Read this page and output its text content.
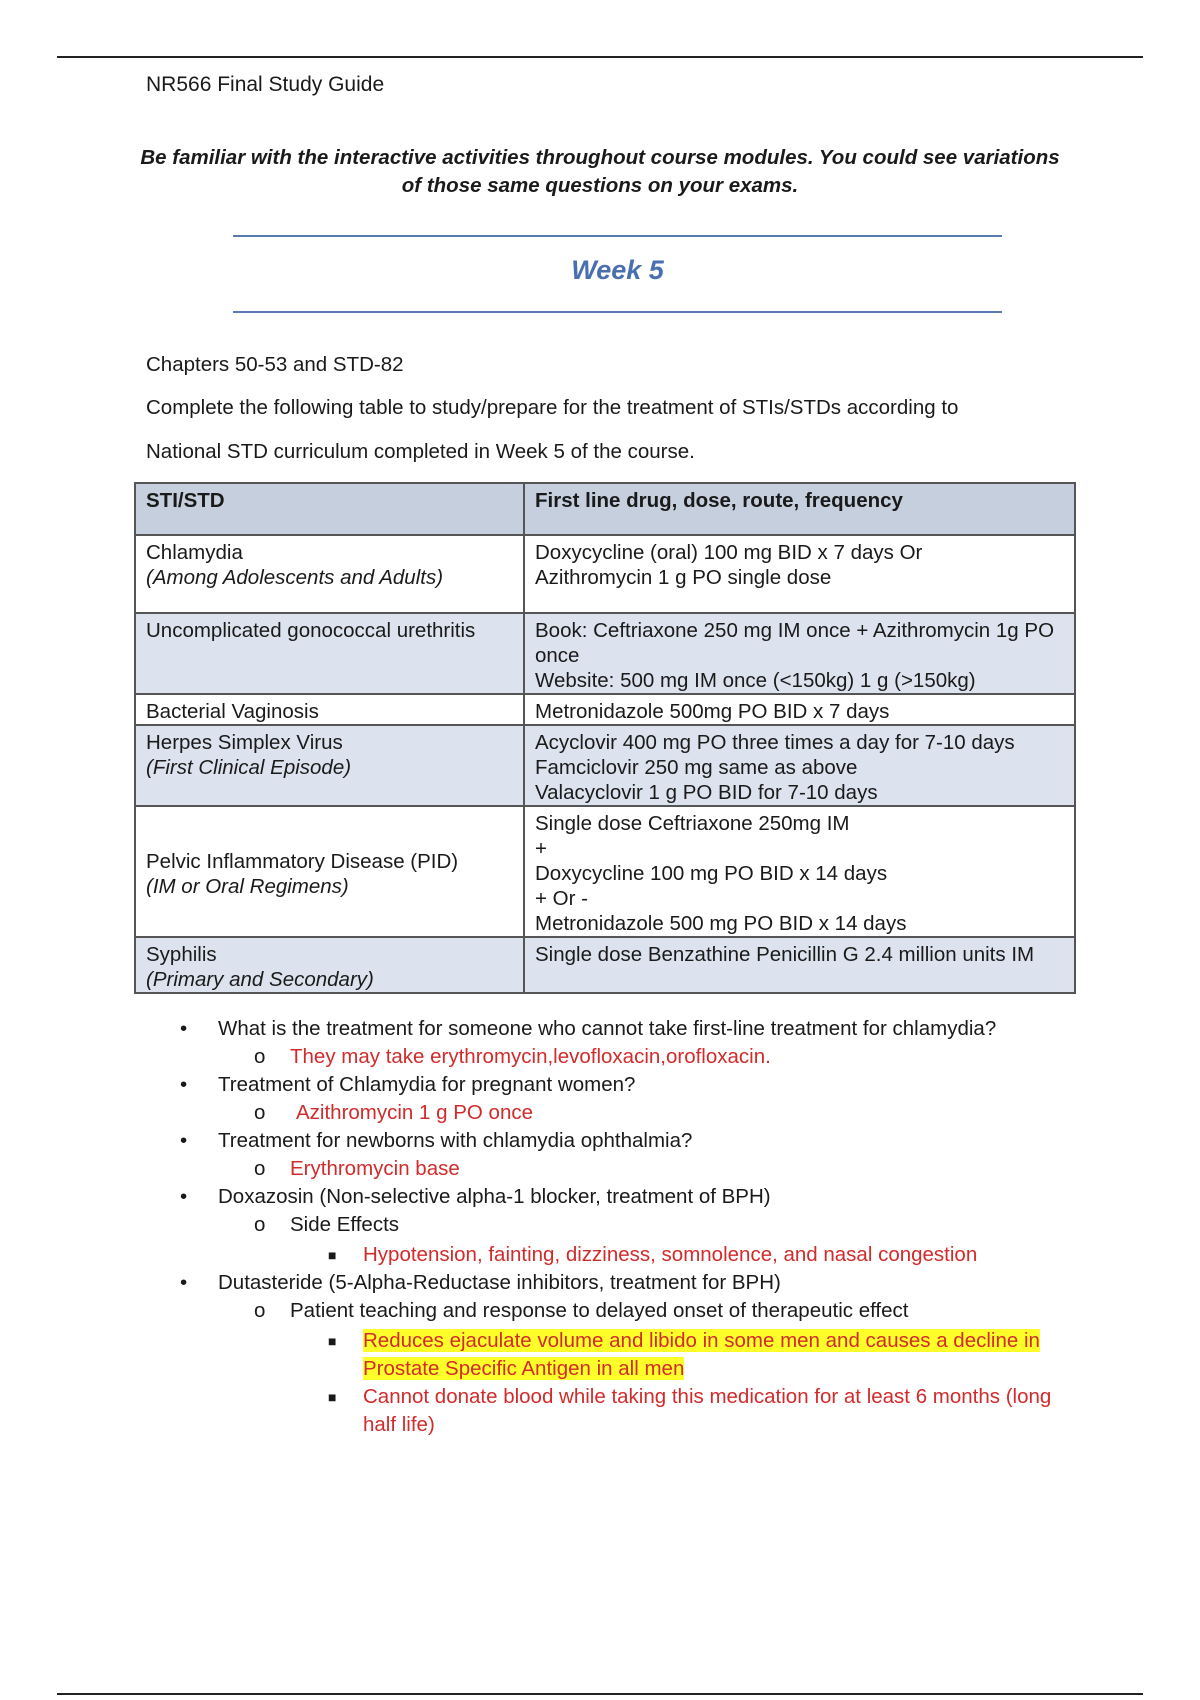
NR566 Final Study Guide
Be familiar with the interactive activities throughout course modules. You could see variations of those same questions on your exams.
Week 5
Chapters 50-53 and STD-82
Complete the following table to study/prepare for the treatment of STIs/STDs according to
National STD curriculum completed in Week 5 of the course.
STI/STD	First line drug, dose, route, frequency

Chlamydia
(Among Adolescents and Adults)	Doxycycline (oral) 100 mg BID x 7 days Or
Azithromycin 1 g PO single dose

Uncomplicated gonococcal urethritis	Book: Ceftriaxone 250 mg IM once + Azithromycin 1g PO once
Website: 500 mg IM once (<150kg) 1 g (>150kg)

Bacterial Vaginosis	Metronidazole 500mg PO BID x 7 days

Herpes Simplex Virus
(First Clinical Episode)	Acyclovir 400 mg PO three times a day for 7-10 days
Famciclovir 250 mg same as above
Valacyclovir 1 g PO BID for 7-10 days

Pelvic Inflammatory Disease (PID)
(IM or Oral Regimens)	Single dose Ceftriaxone 250mg IM
+
Doxycycline 100 mg PO BID x 14 days
+ Or -
Metronidazole 500 mg PO BID x 14 days

Syphilis
(Primary and Secondary)	Single dose Benzathine Penicillin G 2.4 million units IM
• What is the treatment for someone who cannot take first-line treatment for chlamydia?
o They may take erythromycin,levofloxacin,orofloxacin.
• Treatment of Chlamydia for pregnant women?
o Azithromycin 1 g PO once
• Treatment for newborns with chlamydia ophthalmia?
o Erythromycin base
• Doxazosin (Non-selective alpha-1 blocker, treatment of BPH)
o Side Effects
■ Hypotension, fainting, dizziness, somnolence, and nasal congestion
• Dutasteride (5-Alpha-Reductase inhibitors, treatment for BPH)
o Patient teaching and response to delayed onset of therapeutic effect
■ Reduces ejaculate volume and libido in some men and causes a decline in Prostate Specific Antigen in all men
■ Cannot donate blood while taking this medication for at least 6 months (long half life)
